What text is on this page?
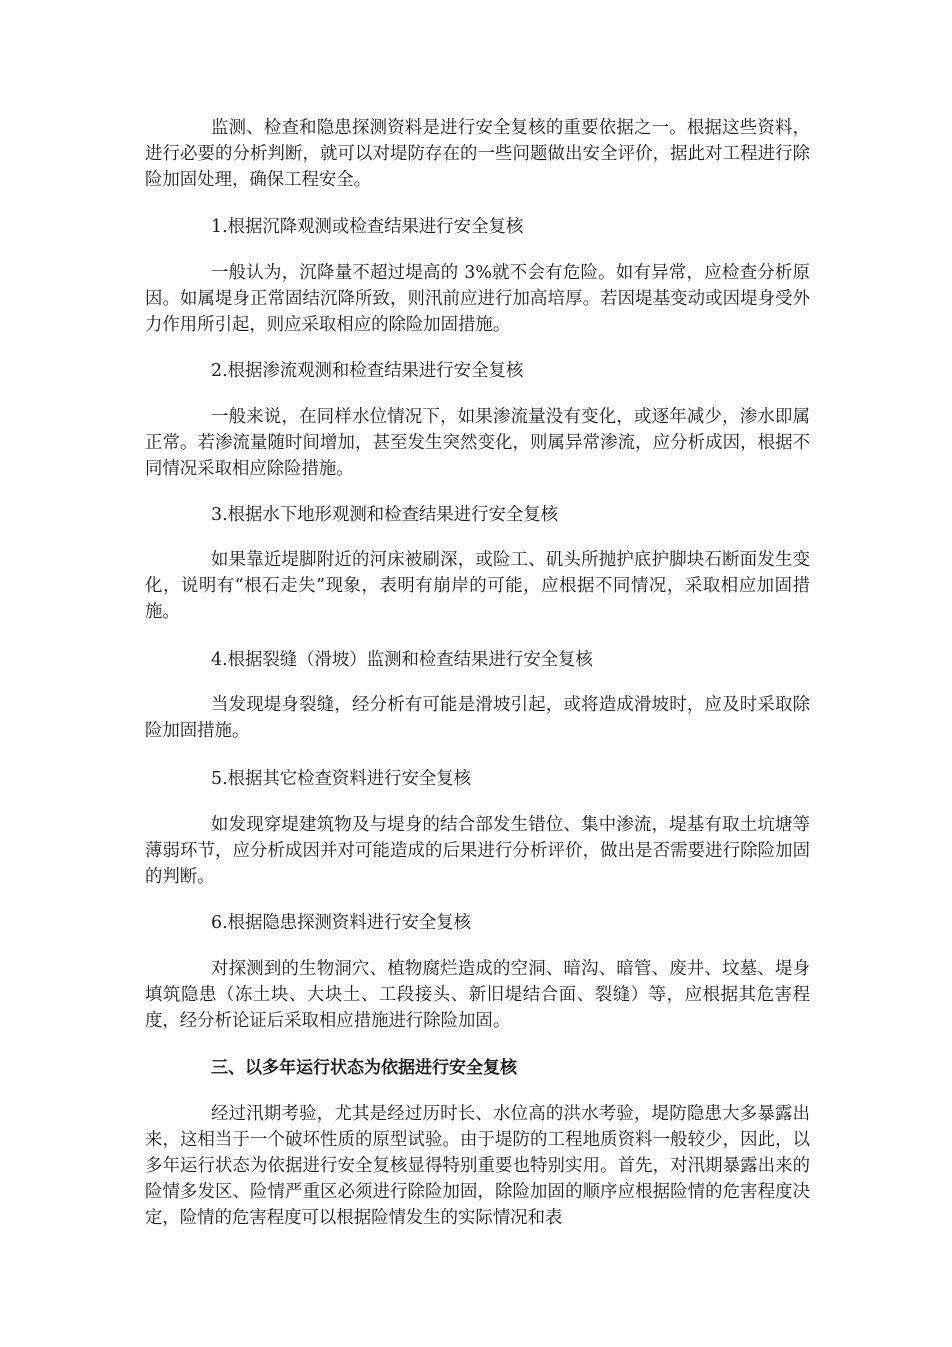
监测、检查和隐患探测资料是进行安全复核的重要依据之一。根据这些资料，进行必要的分析判断，就可以对堤防存在的一些问题做出安全评价，据此对工程进行除险加固处理，确保工程安全。

1.根据沉降观测或检查结果进行安全复核

一般认为，沉降量不超过堤高的 3%就不会有危险。如有异常，应检查分析原因。如属堤身正常固结沉降所致，则汛前应进行加高培厚。若因堤基变动或因堤身受外力作用所引起，则应采取相应的除险加固措施。

2.根据渗流观测和检查结果进行安全复核

一般来说，在同样水位情况下，如果渗流量没有变化，或逐年减少，渗水即属正常。若渗流量随时间增加，甚至发生突然变化，则属异常渗流，应分析成因，根据不同情况采取相应除险措施。

3.根据水下地形观测和检查结果进行安全复核

如果靠近堤脚附近的河床被刷深，或险工、矶头所抛护底护脚块石断面发生变化，说明有“根石走失”现象，表明有崩岸的可能，应根据不同情况，采取相应加固措施。

4.根据裂缝（滑坡）监测和检查结果进行安全复核

当发现堤身裂缝，经分析有可能是滑坡引起，或将造成滑坡时，应及时采取除险加固措施。

5.根据其它检查资料进行安全复核

如发现穿堤建筑物及与堤身的结合部发生错位、集中渗流，堤基有取土坑塘等薄弱环节，应分析成因并对可能造成的后果进行分析评价，做出是否需要进行除险加固的判断。

6.根据隐患探测资料进行安全复核

对探测到的生物洞穴、植物腐烂造成的空洞、暗沟、暗管、废井、坟墓、堤身填筑隐患（冻土块、大块土、工段接头、新旧堤结合面、裂缝）等，应根据其危害程度，经分析论证后采取相应措施进行除险加固。

三、以多年运行状态为依据进行安全复核

经过汛期考验，尤其是经过历时长、水位高的洪水考验，堤防隐患大多暴露出来，这相当于一个破坏性质的原型试验。由于堤防的工程地质资料一般较少，因此，以多年运行状态为依据进行安全复核显得特别重要也特别实用。首先，对汛期暴露出来的险情多发区、险情严重区必须进行除险加固，除险加固的顺序应根据险情的危害程度决定，险情的危害程度可以根据险情发生的实际情况和表
